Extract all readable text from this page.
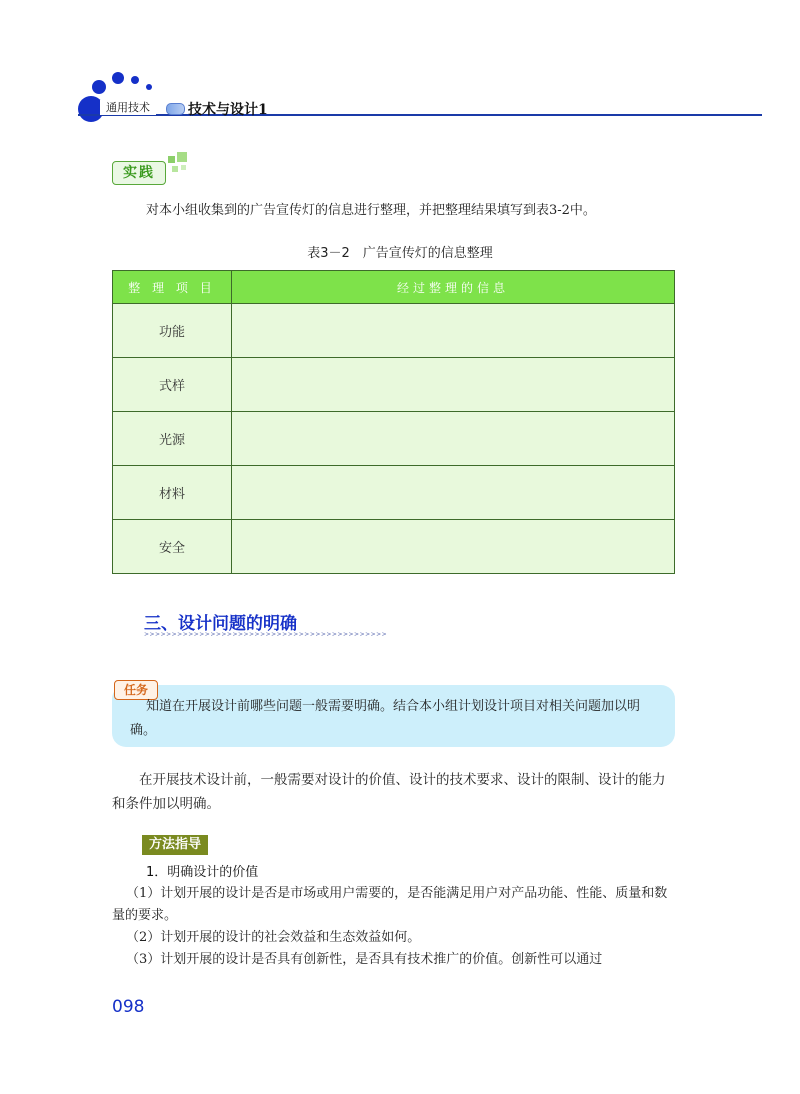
通用技术	技术与设计1
实践
对本小组收集到的广告宣传灯的信息进行整理，并把整理结果填写到表3-2中。
表3－2　广告宣传灯的信息整理
整 理 项 目	经过整理的信息
功能	
式样	
光源	
材料	
安全	
三、设计问题的明确
>>>>>>>>>>>>>>>>>>>>>>>>>>>>>>>>>>>>>>>>>>>>
任务
知道在开展设计前哪些问题一般需要明确。结合本小组计划设计项目对相关问题加以明确。
在开展技术设计前，一般需要对设计的价值、设计的技术要求、设计的限制、设计的能力和条件加以明确。
方法指导
1．明确设计的价值
（1）计划开展的设计是否是市场或用户需要的，是否能满足用户对产品功能、性能、质量和数量的要求。
（2）计划开展的设计的社会效益和生态效益如何。
（3）计划开展的设计是否具有创新性，是否具有技术推广的价值。创新性可以通过
098
